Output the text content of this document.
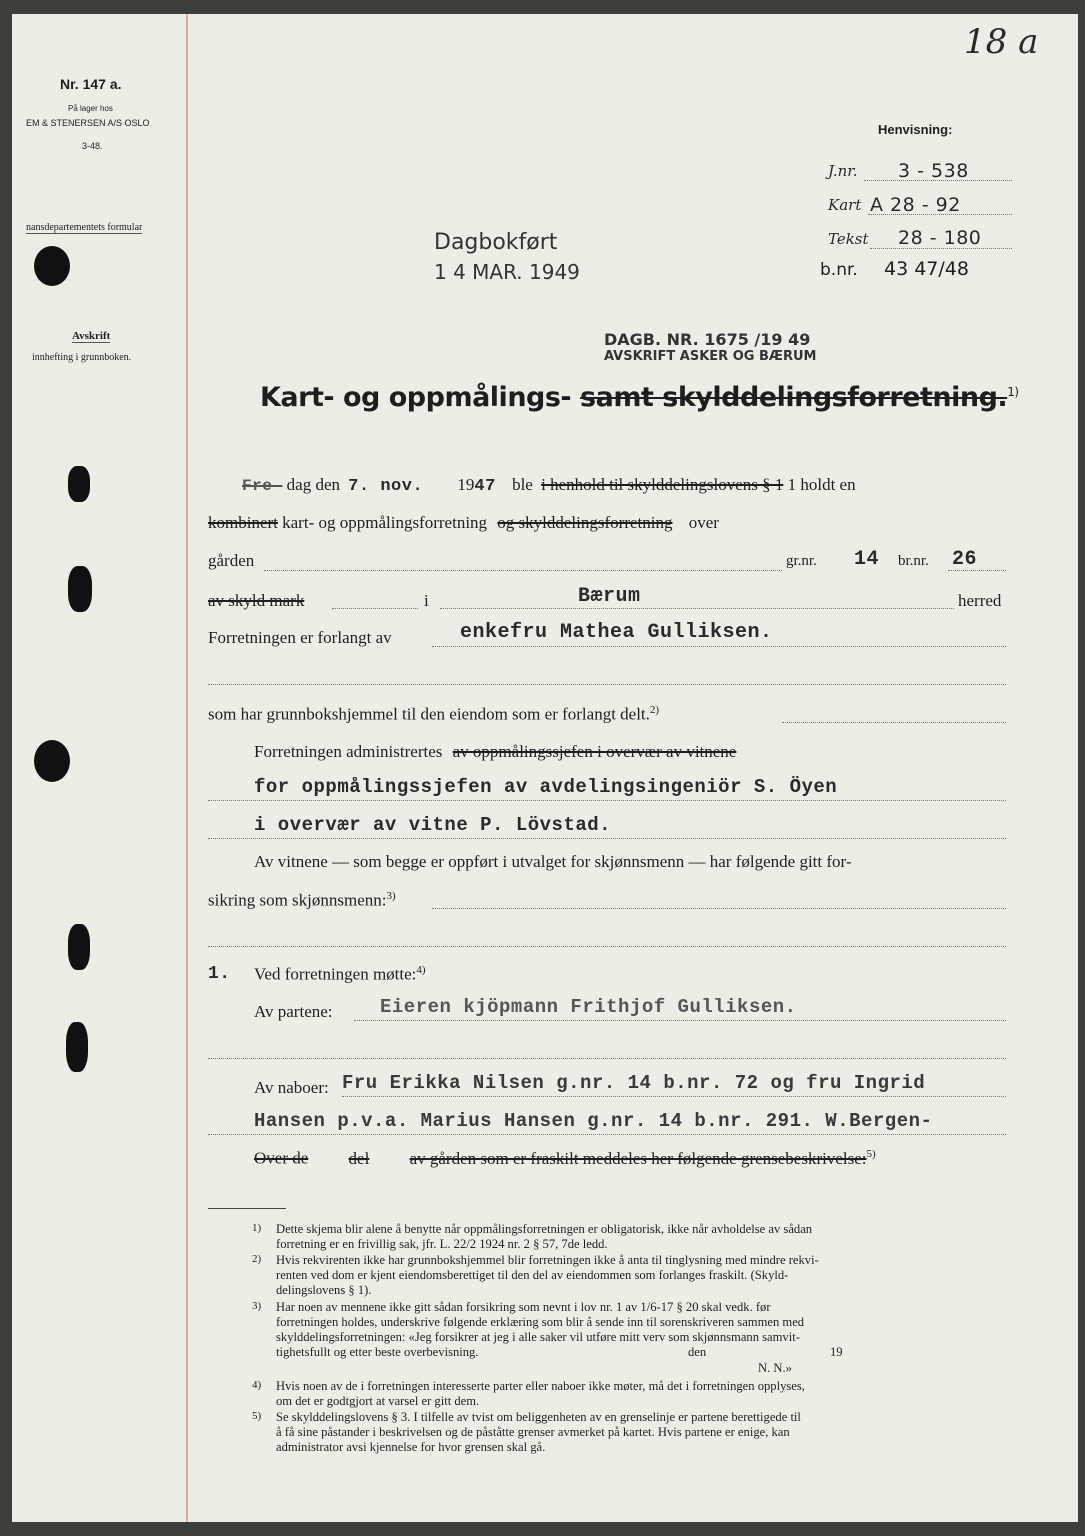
18 a
Nr. 147 a.
På lager hos
EM & STENERSEN A/S OSLO
3-48.
nansdepartementets formular
Avskrift
innhefting i grunnboken.
Henvisning:
J.nr. 3 - 538
Kart A 28 - 92
Tekst 28 - 180
b.nr. 43 47/48
Dagbokført
1 4 MAR. 1949
DAGB. NR. 1675 /19 49
AVSKRIFT ASKER OG BÆRUM
Kart- og oppmålings- samt skylddelingsforretning.$^{1)}$
Fre- dag den 7. nov. 1947 ble i henhold til skylddelingslovens § 1 1 holdt en
kombinert kart- og oppmålingsforretning og skylddelingsforretning over
gården	gr.nr. 14 br.nr. 26
av skyld mark	i	Bærum	herred
Forretningen er forlangt av	enkefru Mathea Gulliksen.
som har grunnbokshjemmel til den eiendom som er forlangt delt.$^{2)}$
Forretningen administrertes av oppmålingssjefen i overvær av vitnene
for oppmålingssjefen av avdelingsingeniör S. Öyen
i overvær av vitne P. Lövstad.
Av vitnene — som begge er oppført i utvalget for skjønnsmenn — har følgende gitt for-
sikring som skjønnsmenn:$^{3)}$
1. Ved forretningen møtte:$^{4)}$
Av partene: Eieren kjöpmann Frithjof Gulliksen.
Av naboer: Fru Erikka Nilsen g.nr. 14 b.nr. 72 og fru Ingrid
Hansen p.v.a. Marius Hansen g.nr. 14 b.nr. 291. W.Bergen-
Over de del av gården som er fraskilt meddeles her følgende grensebeskrivelse:$^{5)}$
1) Dette skjema blir alene å benytte når oppmålingsforretningen er obligatorisk, ikke når avholdelse av sådan
forretning er en frivillig sak, jfr. L. 22/2 1924 nr. 2 § 57, 7de ledd.
2) Hvis rekvirenten ikke har grunnbokshjemmel blir forretningen ikke å anta til tinglysning med mindre rekvi-
renten ved dom er kjent eiendomsberettiget til den del av eiendommen som forlanges fraskilt. (Skyld-
delingslovens § 1).
3) Har noen av mennene ikke gitt sådan forsikring som nevnt i lov nr. 1 av 1/6-17 § 20 skal vedk. før
forretningen holdes, underskrive følgende erklæring som blir å sende inn til sorenskriveren sammen med
skylddelingsforretningen: «Jeg forsikrer at jeg i alle saker vil utføre mitt verv som skjønnsmann samvit-
tighetsfullt og etter beste overbevisning.	den	19
N. N.»
4) Hvis noen av de i forretningen interesserte parter eller naboer ikke møter, må det i forretningen opplyses,
om det er godtgjort at varsel er gitt dem.
5) Se skylddelingslovens § 3. I tilfelle av tvist om beliggenheten av en grenselinje er partene berettigede til
å få sine påstander i beskrivelsen og de påståtte grenser avmerket på kartet. Hvis partene er enige, kan
administrator avsi kjennelse for hvor grensen skal gå.
